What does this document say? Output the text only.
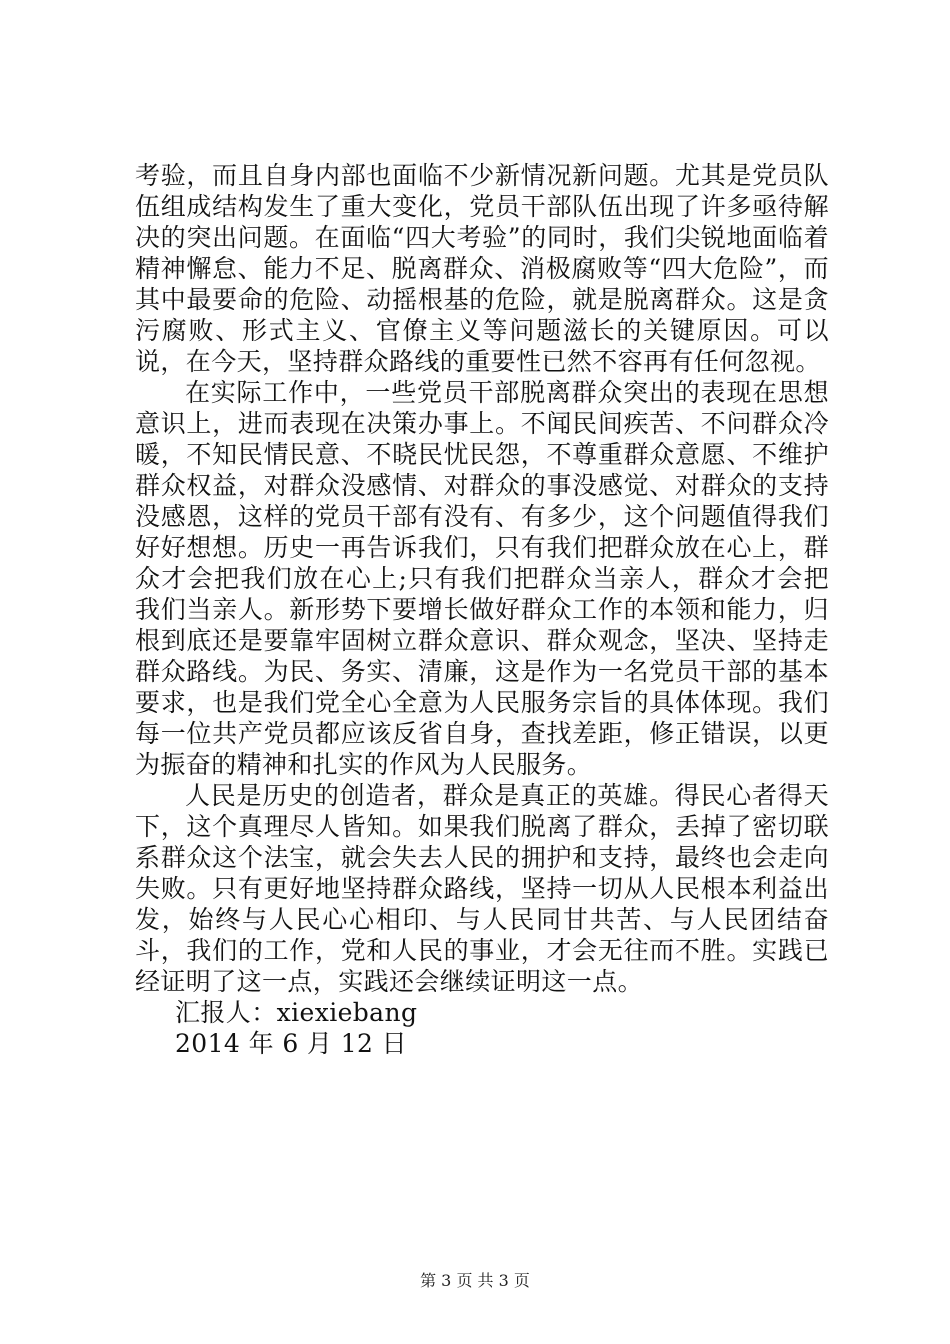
考验，而且自身内部也面临不少新情况新问题。尤其是党员队伍组成结构发生了重大变化，党员干部队伍出现了许多亟待解决的突出问题。在面临“四大考验”的同时，我们尖锐地面临着精神懈怠、能力不足、脱离群众、消极腐败等“四大危险”，而其中最要命的危险、动摇根基的危险，就是脱离群众。这是贪污腐败、形式主义、官僚主义等问题滋长的关键原因。可以说，在今天，坚持群众路线的重要性已然不容再有任何忽视。

在实际工作中，一些党员干部脱离群众突出的表现在思想意识上，进而表现在决策办事上。不闻民间疾苦、不问群众冷暖，不知民情民意、不晓民忧民怨，不尊重群众意愿、不维护群众权益，对群众没感情、对群众的事没感觉、对群众的支持没感恩，这样的党员干部有没有、有多少，这个问题值得我们好好想想。历史一再告诉我们，只有我们把群众放在心上，群众才会把我们放在心上;只有我们把群众当亲人，群众才会把我们当亲人。新形势下要增长做好群众工作的本领和能力，归根到底还是要靠牢固树立群众意识、群众观念，坚决、坚持走群众路线。为民、务实、清廉，这是作为一名党员干部的基本要求，也是我们党全心全意为人民服务宗旨的具体体现。我们每一位共产党员都应该反省自身，查找差距，修正错误，以更为振奋的精神和扎实的作风为人民服务。

人民是历史的创造者，群众是真正的英雄。得民心者得天下，这个真理尽人皆知。如果我们脱离了群众，丢掉了密切联系群众这个法宝，就会失去人民的拥护和支持，最终也会走向失败。只有更好地坚持群众路线，坚持一切从人民根本利益出发，始终与人民心心相印、与人民同甘共苦、与人民团结奋斗，我们的工作，党和人民的事业，才会无往而不胜。实践已经证明了这一点，实践还会继续证明这一点。

汇报人：xiexiebang

2014 年 6 月 12 日

第 3 页 共 3 页
